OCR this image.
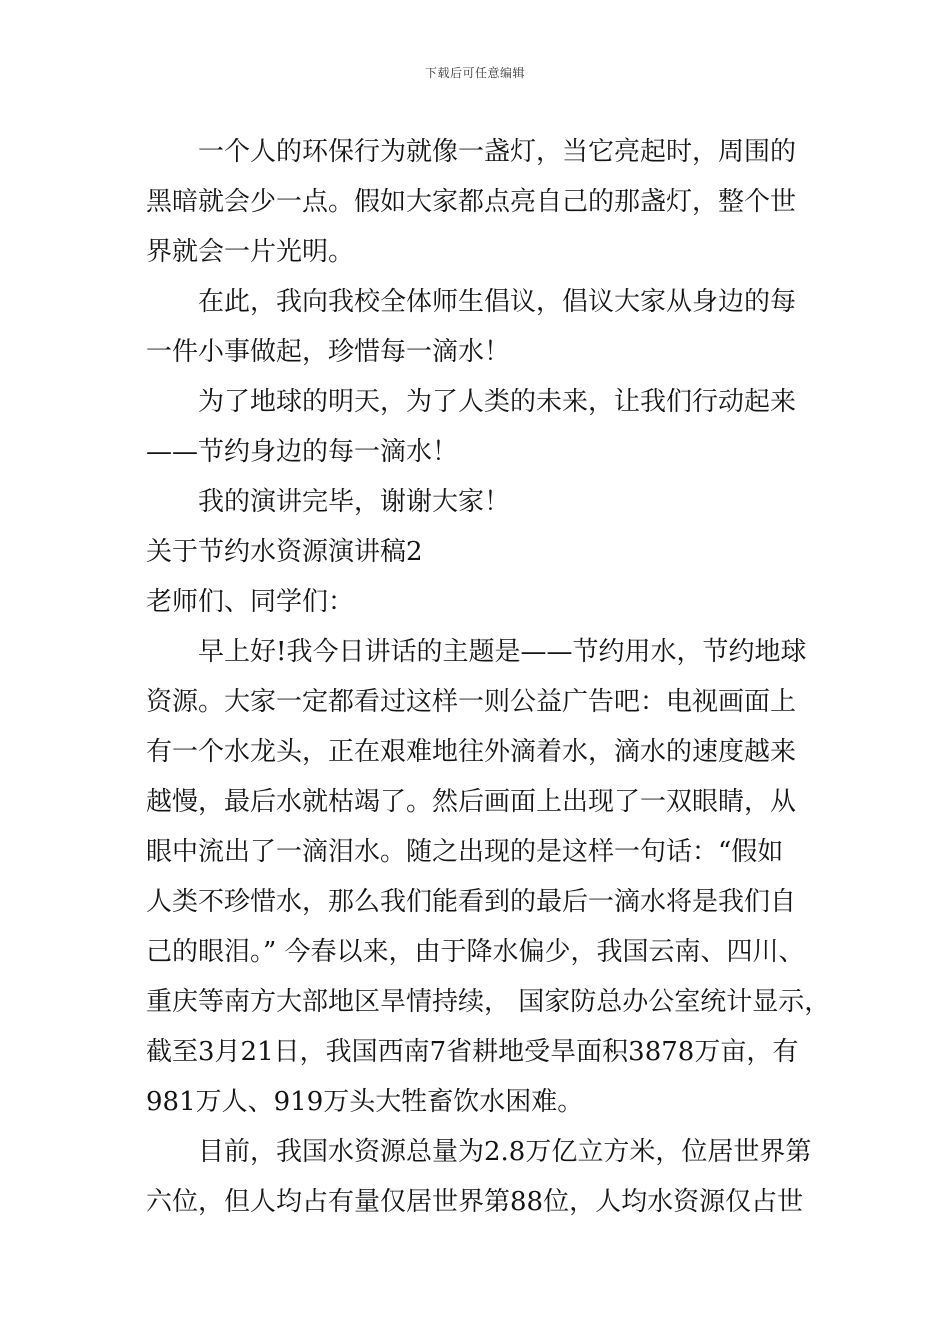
下载后可任意编辑
一个人的环保行为就像一盏灯，当它亮起时，周围的
黑暗就会少一点。假如大家都点亮自己的那盏灯，整个世
界就会一片光明。
在此，我向我校全体师生倡议，倡议大家从身边的每
一件小事做起，珍惜每一滴水！
为了地球的明天，为了人类的未来，让我们行动起来
——节约身边的每一滴水！
我的演讲完毕，谢谢大家！
关于节约水资源演讲稿2
老师们、同学们：
早上好!我今日讲话的主题是——节约用水，节约地球
资源。大家一定都看过这样一则公益广告吧：电视画面上
有一个水龙头，正在艰难地往外滴着水，滴水的速度越来
越慢，最后水就枯竭了。然后画面上出现了一双眼睛，从
眼中流出了一滴泪水。随之出现的是这样一句话：“假如
人类不珍惜水，那么我们能看到的最后一滴水将是我们自
己的眼泪。” 今春以来，由于降水偏少，我国云南、四川、
重庆等南方大部地区旱情持续， 国家防总办公室统计显示，
截至3月21日，我国西南7省耕地受旱面积3878万亩，有
981万人、919万头大牲畜饮水困难。
目前，我国水资源总量为2.8万亿立方米，位居世界第
六位，但人均占有量仅居世界第88位，人均水资源仅占世
